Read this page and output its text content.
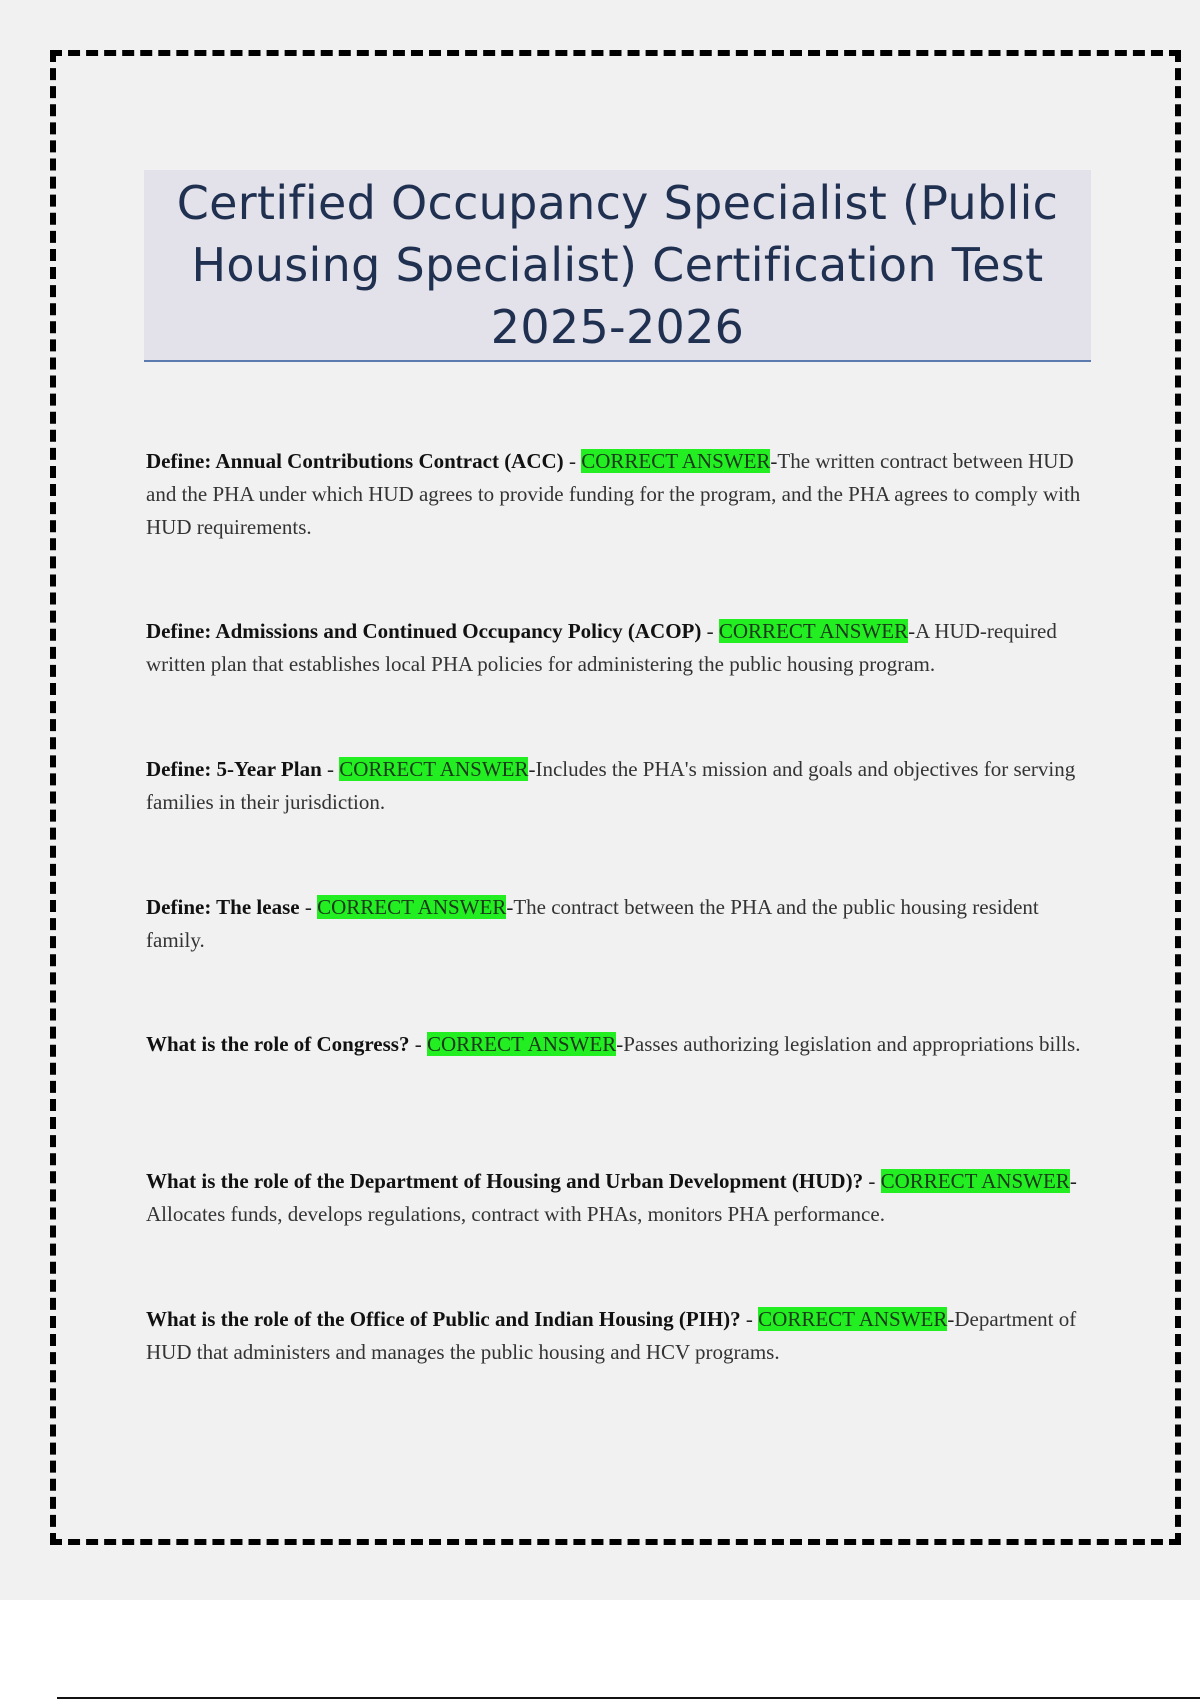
Certified Occupancy Specialist (Public Housing Specialist) Certification Test 2025-2026
Define: Annual Contributions Contract (ACC) - CORRECT ANSWER-The written contract between HUD and the PHA under which HUD agrees to provide funding for the program, and the PHA agrees to comply with HUD requirements.
Define: Admissions and Continued Occupancy Policy (ACOP) - CORRECT ANSWER-A HUD-required written plan that establishes local PHA policies for administering the public housing program.
Define: 5-Year Plan - CORRECT ANSWER-Includes the PHA's mission and goals and objectives for serving families in their jurisdiction.
Define: The lease - CORRECT ANSWER-The contract between the PHA and the public housing resident family.
What is the role of Congress? - CORRECT ANSWER-Passes authorizing legislation and appropriations bills.
What is the role of the Department of Housing and Urban Development (HUD)? - CORRECT ANSWER-Allocates funds, develops regulations, contract with PHAs, monitors PHA performance.
What is the role of the Office of Public and Indian Housing (PIH)? - CORRECT ANSWER-Department of HUD that administers and manages the public housing and HCV programs.
